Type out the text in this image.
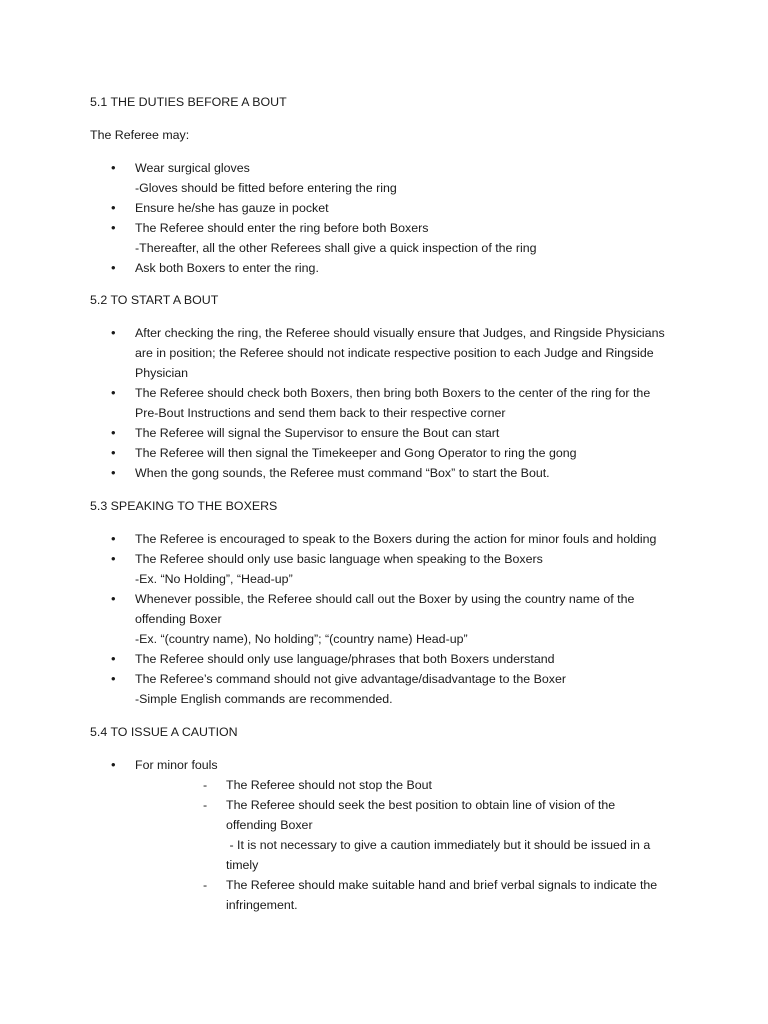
5.1 THE DUTIES BEFORE A BOUT

The Referee may:

•	Wear surgical gloves
-Gloves should be fitted before entering the ring
•	Ensure he/she has gauze in pocket
•	The Referee should enter the ring before both Boxers
-Thereafter, all the other Referees shall give a quick inspection of the ring
•	Ask both Boxers to enter the ring.
5.2 TO START A BOUT
•	After checking the ring, the Referee should visually ensure that Judges, and Ringside Physicians
are in position; the Referee should not indicate respective position to each Judge and Ringside
Physician
•	The Referee should check both Boxers, then bring both Boxers to the center of the ring for the
Pre-Bout Instructions and send them back to their respective corner
•	The Referee will signal the Supervisor to ensure the Bout can start
•	The Referee will then signal the Timekeeper and Gong Operator to ring the gong
•	When the gong sounds, the Referee must command “Box” to start the Bout.
5.3 SPEAKING TO THE BOXERS
•	The Referee is encouraged to speak to the Boxers during the action for minor fouls and holding
•	The Referee should only use basic language when speaking to the Boxers
-Ex. “No Holding”, “Head-up”
•	Whenever possible, the Referee should call out the Boxer by using the country name of the
offending Boxer
-Ex. “(country name), No holding”; “(country name) Head-up”
•	The Referee should only use language/phrases that both Boxers understand
•	The Referee’s command should not give advantage/disadvantage to the Boxer
-Simple English commands are recommended.
5.4 TO ISSUE A CAUTION
•	For minor fouls
- The Referee should not stop the Bout
- The Referee should seek the best position to obtain line of vision of the
offending Boxer
- It is not necessary to give a caution immediately but it should be issued in a
timely
- The Referee should make suitable hand and brief verbal signals to indicate the
infringement.
